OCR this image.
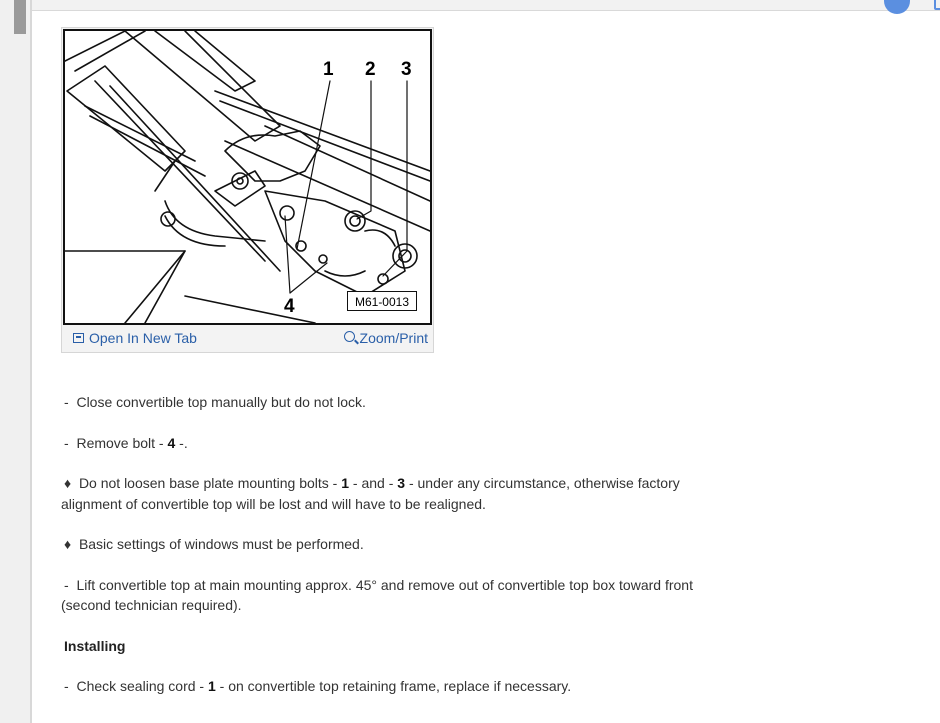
1 2 3
4	M61-0013
Open In New Tab	Zoom/Print

- Close convertible top manually but do not lock.

- Remove bolt - 4 -.

♦ Do not loosen base plate mounting bolts - 1 - and - 3 - under any circumstance, otherwise factory alignment of convertible top will be lost and will have to be realigned.

♦ Basic settings of windows must be performed.

- Lift convertible top at main mounting approx. 45° and remove out of convertible top box toward front (second technician required).

Installing

- Check sealing cord - 1 - on convertible top retaining frame, replace if necessary.
